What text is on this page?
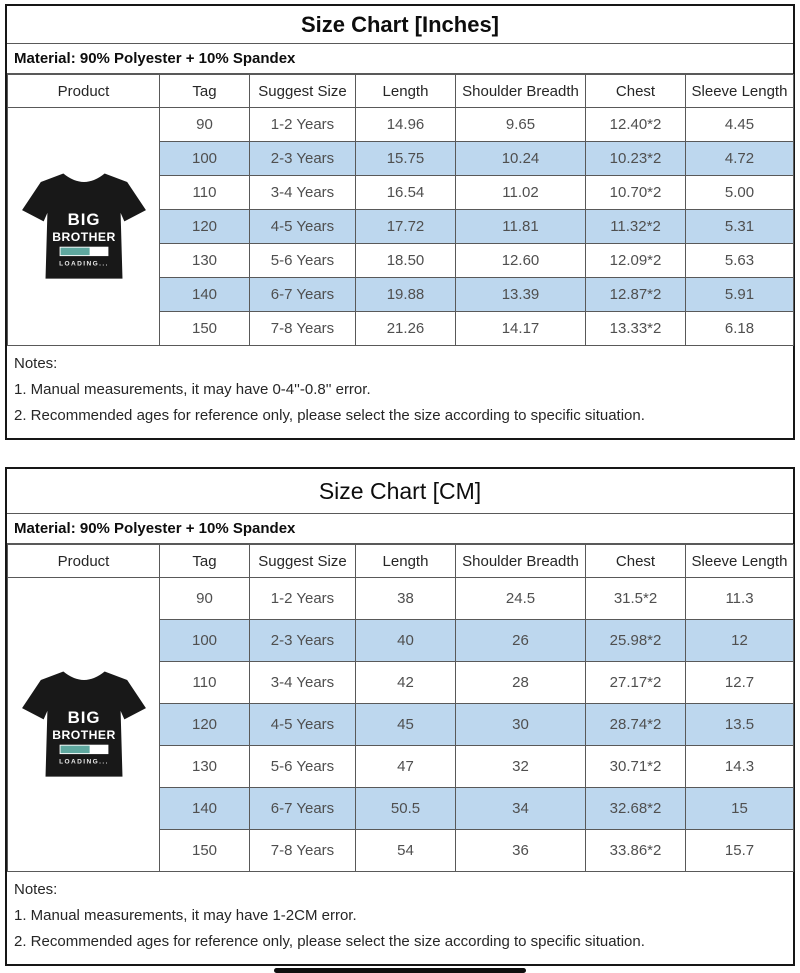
Size Chart [Inches]
Material: 90% Polyester + 10% Spandex
Product	Tag	Suggest Size	Length	Shoulder Breadth	Chest	Sleeve Length

BIG
BROTHER
LOADING...	90	1-2 Years	14.96	9.65	12.40*2	4.45
	100	2-3 Years	15.75	10.24	10.23*2	4.72
	110	3-4 Years	16.54	11.02	10.70*2	5.00
	120	4-5 Years	17.72	11.81	11.32*2	5.31
	130	5-6 Years	18.50	12.60	12.09*2	5.63
	140	6-7 Years	19.88	13.39	12.87*2	5.91
	150	7-8 Years	21.26	14.17	13.33*2	6.18
Notes:
1. Manual measurements, it may have 0-4''-0.8'' error.
2. Recommended ages for reference only, please select the size according to specific situation.
Size Chart [CM]
Material: 90% Polyester + 10% Spandex
Product	Tag	Suggest Size	Length	Shoulder Breadth	Chest	Sleeve Length

BIG
BROTHER
LOADING...	90	1-2 Years	38	24.5	31.5*2	11.3
	100	2-3 Years	40	26	25.98*2	12
	110	3-4 Years	42	28	27.17*2	12.7
	120	4-5 Years	45	30	28.74*2	13.5
	130	5-6 Years	47	32	30.71*2	14.3
	140	6-7 Years	50.5	34	32.68*2	15
	150	7-8 Years	54	36	33.86*2	15.7
Notes:
1. Manual measurements, it may have 1-2CM error.
2. Recommended ages for reference only, please select the size according to specific situation.
